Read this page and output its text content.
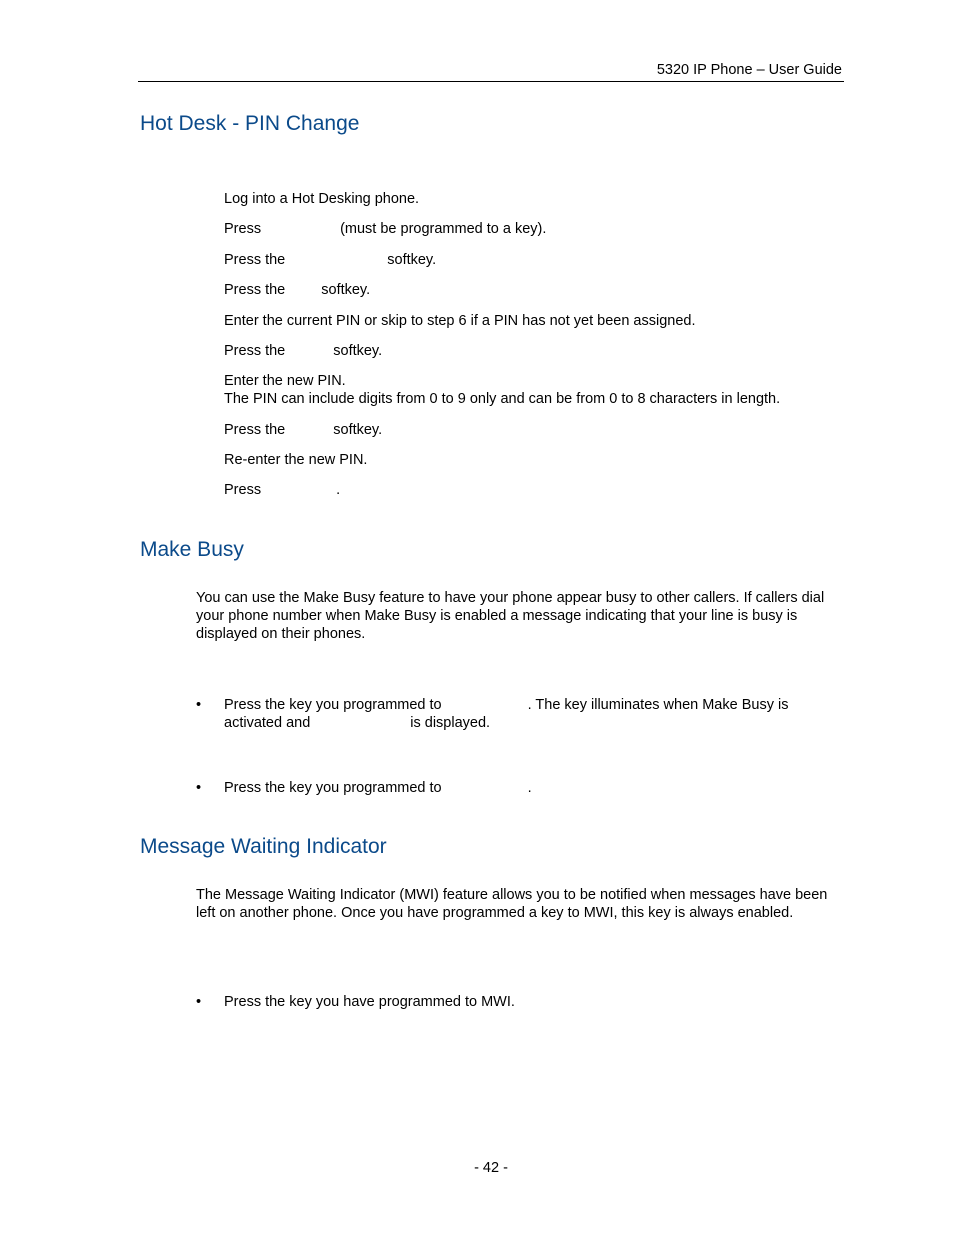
5320 IP Phone – User Guide
Hot Desk - PIN Change
Log into a Hot Desking phone.
Press	(must be programmed to a key).
Press the	softkey.
Press the softkey.
Enter the current PIN or skip to step 6 if a PIN has not yet been assigned.
Press the	softkey.
Enter the new PIN.
The PIN can include digits from 0 to 9 only and can be from 0 to 8 characters in length.
Press the	softkey.
Re-enter the new PIN.
Press	.
Make Busy

You can use the Make Busy feature to have your phone appear busy to other callers. If callers dial your phone number when Make Busy is enabled a message indicating that your line is busy is displayed on their phones.

• Press the key you programmed to	. The key illuminates when Make Busy is
activated and	is displayed.
• Press the key you programmed to	.
Message Waiting Indicator

The Message Waiting Indicator (MWI) feature allows you to be notified when messages have been left on another phone. Once you have programmed a key to MWI, this key is always enabled.

• Press the key you have programmed to MWI.
- 42 -
